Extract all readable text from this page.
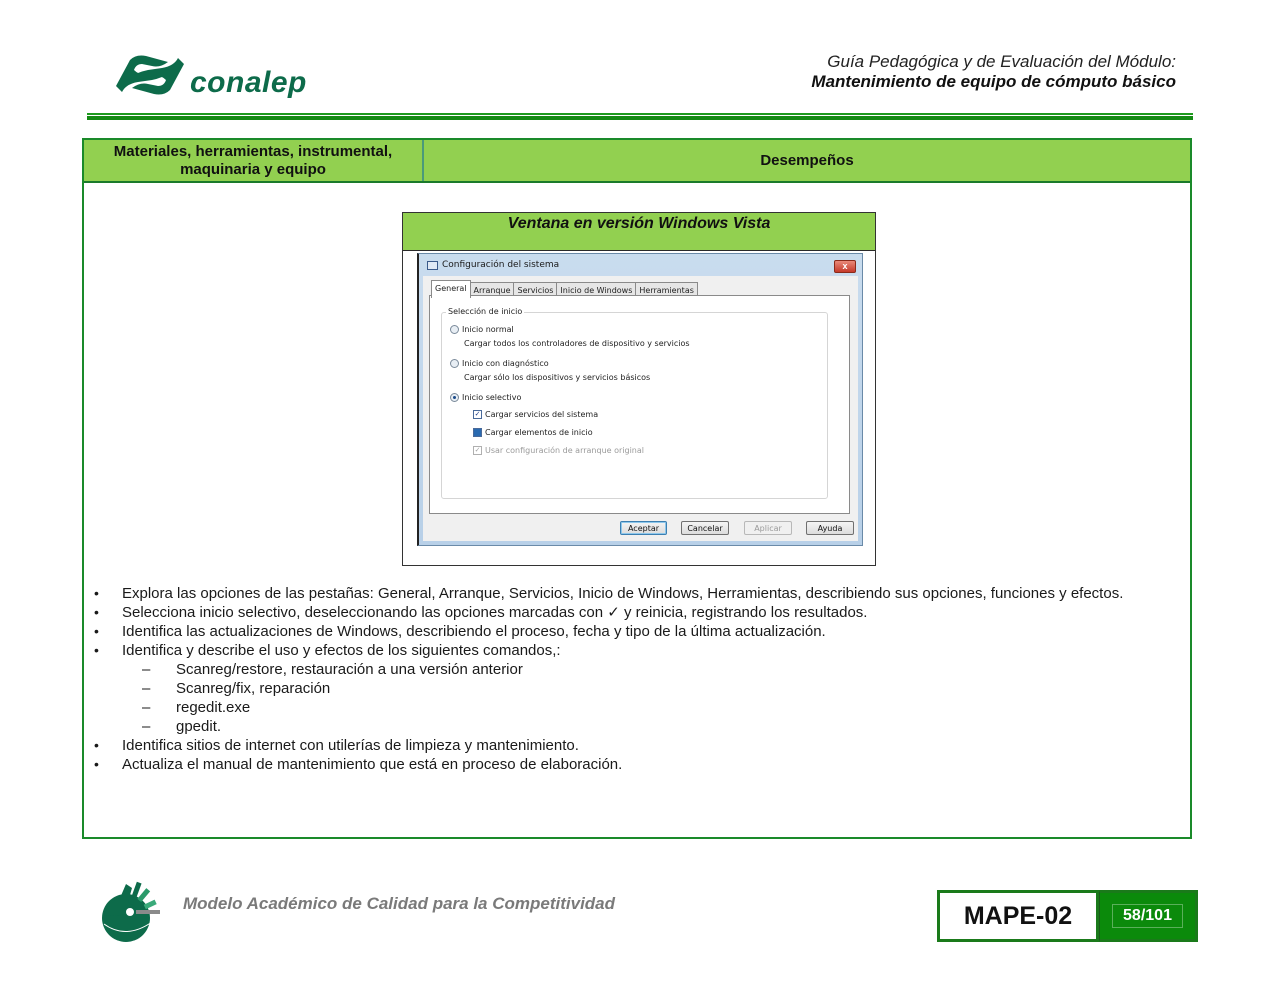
conalep
Guía Pedagógica y de Evaluación del Módulo:
Mantenimiento de equipo de cómputo básico
Materiales, herramientas, instrumental, maquinaria y equipo
Desempeños
Ventana en versión Windows Vista
Configuración del sistema	x
General Arranque Servicios Inicio de Windows Herramientas
Selección de inicio
Inicio normal
Cargar todos los controladores de dispositivo y servicios
Inicio con diagnóstico
Cargar sólo los dispositivos y servicios básicos
Inicio selectivo
✓ Cargar servicios del sistema
Cargar elementos de inicio
✓ Usar configuración de arranque original
Aceptar	Cancelar	Aplicar	Ayuda
• Explora las opciones de las pestañas: General, Arranque, Servicios, Inicio de Windows, Herramientas, describiendo sus opciones, funciones y efectos.
• Selecciona inicio selectivo, deseleccionando las opciones marcadas con ✓ y reinicia, registrando los resultados.
• Identifica las actualizaciones de Windows, describiendo el proceso, fecha y tipo de la última actualización.
• Identifica y describe el uso y efectos de los siguientes comandos,:
– Scanreg/restore, restauración a una versión anterior
– Scanreg/fix, reparación
– regedit.exe
– gpedit.
• Identifica sitios de internet con utilerías de limpieza y mantenimiento.
• Actualiza el manual de mantenimiento que está en proceso de elaboración.
Modelo Académico de Calidad para la Competitividad	MAPE-02	58/101
